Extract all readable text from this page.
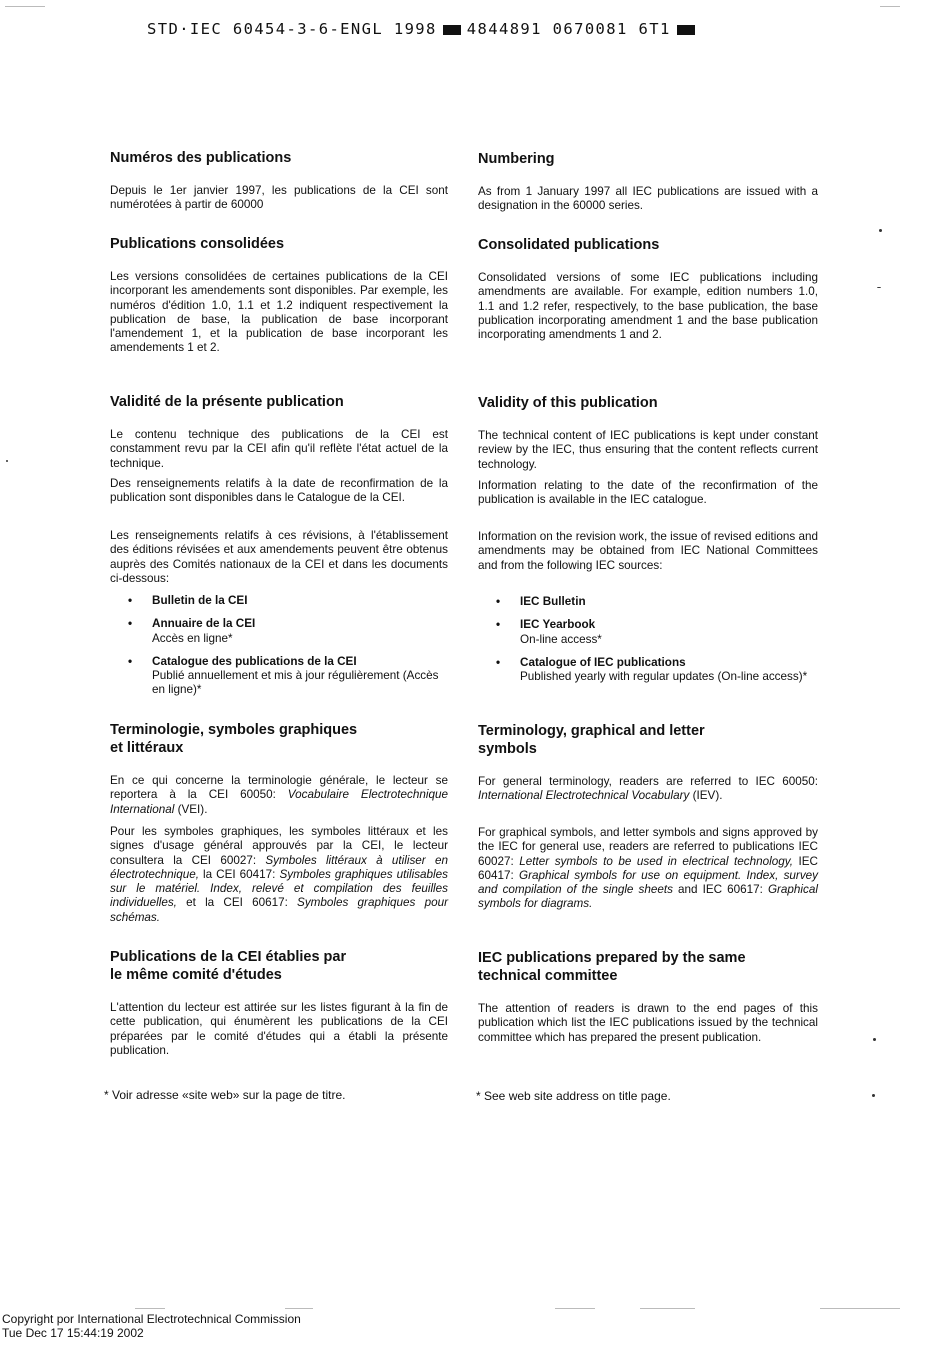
STD·IEC 60454-3-6-ENGL 1998 4844891 0670081 6T1
Numéros des publications

Depuis le 1er janvier 1997, les publications de la CEI sont numérotées à partir de 60000

Publications consolidées

Les versions consolidées de certaines publications de la CEI incorporant les amendements sont disponibles. Par exemple, les numéros d'édition 1.0, 1.1 et 1.2 indiquent respectivement la publication de base, la publication de base incorporant l'amendement 1, et la publication de base incorporant les amendements 1 et 2.

Validité de la présente publication

Le contenu technique des publications de la CEI est constamment revu par la CEI afin qu'il reflète l'état actuel de la technique.

Des renseignements relatifs à la date de reconfirmation de la publication sont disponibles dans le Catalogue de la CEI.

Les renseignements relatifs à ces révisions, à l'établissement des éditions révisées et aux amendements peuvent être obtenus auprès des Comités nationaux de la CEI et dans les documents ci-dessous:

• Bulletin de la CEI
• Annuaire de la CEI
Accès en ligne*
• Catalogue des publications de la CEI
Publié annuellement et mis à jour régulièrement (Accès en ligne)*
Terminologie, symboles graphiques
et littéraux

En ce qui concerne la terminologie générale, le lecteur se reportera à la CEI 60050: Vocabulaire Electrotechnique International (VEI).

Pour les symboles graphiques, les symboles littéraux et les signes d'usage général approuvés par la CEI, le lecteur consultera la CEI 60027: Symboles littéraux à utiliser en électrotechnique, la CEI 60417: Symboles graphiques utilisables sur le matériel. Index, relevé et compilation des feuilles individuelles, et la CEI 60617: Symboles graphiques pour schémas.

Publications de la CEI établies par
le même comité d'études

L'attention du lecteur est attirée sur les listes figurant à la fin de cette publication, qui énumèrent les publications de la CEI préparées par le comité d'études qui a établi la présente publication.

Numbering

As from 1 January 1997 all IEC publications are issued with a designation in the 60000 series.

Consolidated publications

Consolidated versions of some IEC publications including amendments are available. For example, edition numbers 1.0, 1.1 and 1.2 refer, respectively, to the base publication, the base publication incorporating amendment 1 and the base publication incorporating amendments 1 and 2.

Validity of this publication

The technical content of IEC publications is kept under constant review by the IEC, thus ensuring that the content reflects current technology.

Information relating to the date of the reconfirmation of the publication is available in the IEC catalogue.

Information on the revision work, the issue of revised editions and amendments may be obtained from IEC National Committees and from the following IEC sources:

• IEC Bulletin
• IEC Yearbook
On-line access*
• Catalogue of IEC publications
Published yearly with regular updates (On-line access)*
Terminology, graphical and letter
symbols

For general terminology, readers are referred to IEC 60050: International Electrotechnical Vocabulary (IEV).

For graphical symbols, and letter symbols and signs approved by the IEC for general use, readers are referred to publications IEC 60027: Letter symbols to be used in electrical technology, IEC 60417: Graphical symbols for use on equipment. Index, survey and compilation of the single sheets and IEC 60617: Graphical symbols for diagrams.

IEC publications prepared by the same
technical committee

The attention of readers is drawn to the end pages of this publication which list the IEC publications issued by the technical committee which has prepared the present publication.

* Voir adresse «site web» sur la page de titre.	* See web site address on title page.
Copyright por International Electrotechnical Commission
Tue Dec 17 15:44:19 2002
